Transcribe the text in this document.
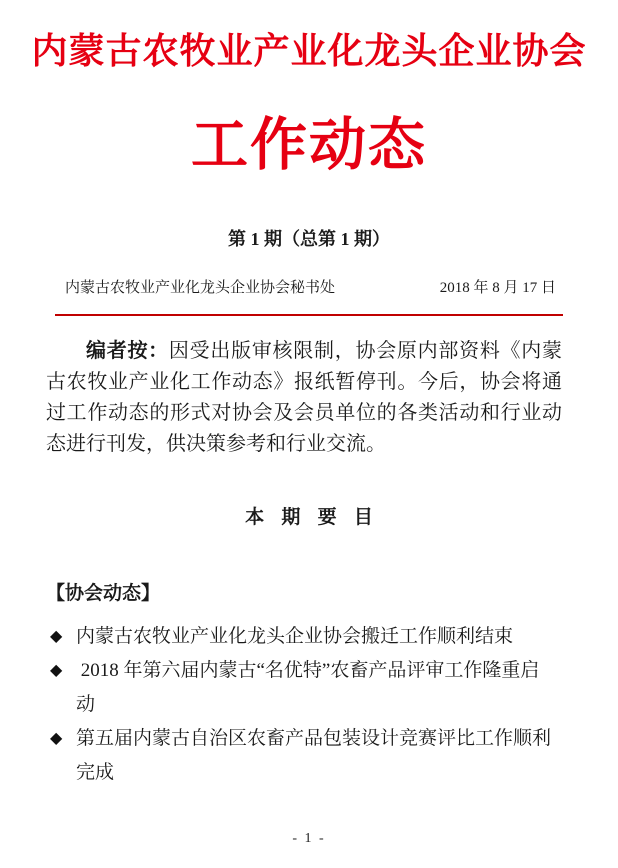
内蒙古农牧业产业化龙头企业协会
工作动态
第 1 期（总第 1 期）
内蒙古农牧业产业化龙头企业协会秘书处	2018 年 8 月 17 日

编者按：因受出版审核限制，协会原内部资料《内蒙古农牧业产业化工作动态》报纸暂停刊。今后，协会将通过工作动态的形式对协会及会员单位的各类活动和行业动态进行刊发，供决策参考和行业交流。

本 期 要 目
【协会动态】
◆ 内蒙古农牧业产业化龙头企业协会搬迁工作顺利结束
◆ 2018 年第六届内蒙古“名优特”农畜产品评审工作隆重启动
◆ 第五届内蒙古自治区农畜产品包装设计竞赛评比工作顺利完成
- 1 -
